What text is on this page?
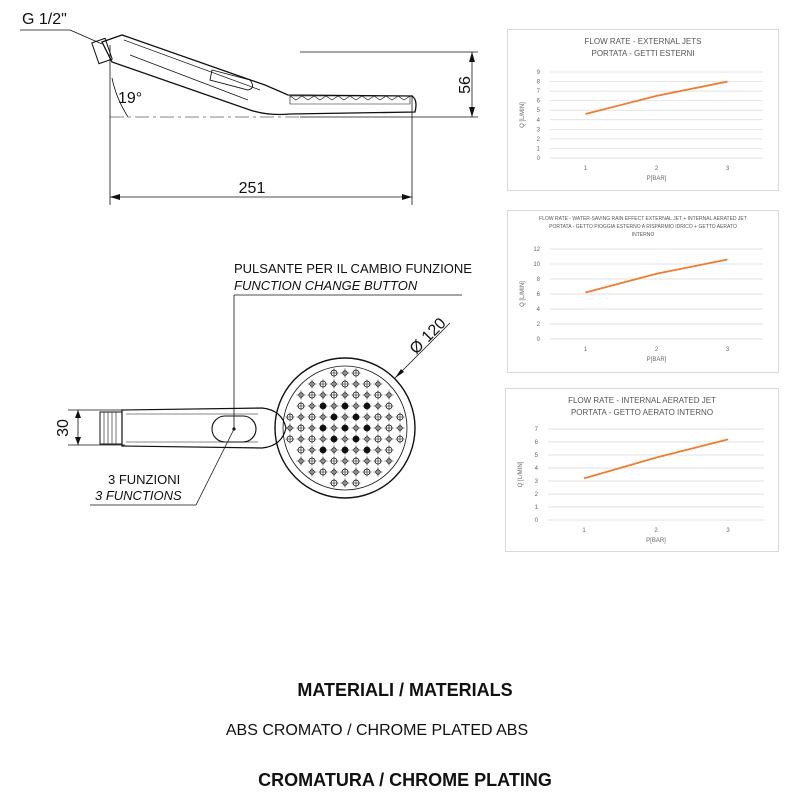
G 1/2"
19°
56
251
PULSANTE PER IL CAMBIO FUNZIONE
FUNCTION CHANGE BUTTON
Ø 120
30
3 FUNZIONI
3 FUNCTIONS
FLOW RATE - EXTERNAL JETS
PORTATA - GETTI ESTERNI
0
1
2
3
4
5
6
7
8
9
1	2	3
P[BAR]
Q [L/MIN]
FLOW RATE - WATER-SAVING RAIN EFFECT EXTERNAL JET + INTERNAL AERATED JET
PORTATA - GETTO PIOGGIA ESTERNO A RISPARMIO IDRICO + GETTO AERATO
INTERNO
0
2
4
6
8
10
12
1	2	3
P[BAR]
Q [L/MIN]
FLOW RATE - INTERNAL AERATED JET
PORTATA - GETTO AERATO INTERNO
0
1
2
3
4
5
6
7
1	2	3
P[BAR]
Q [L/MIN]
MATERIALI / MATERIALS
ABS CROMATO / CHROME PLATED ABS
CROMATURA / CHROME PLATING
